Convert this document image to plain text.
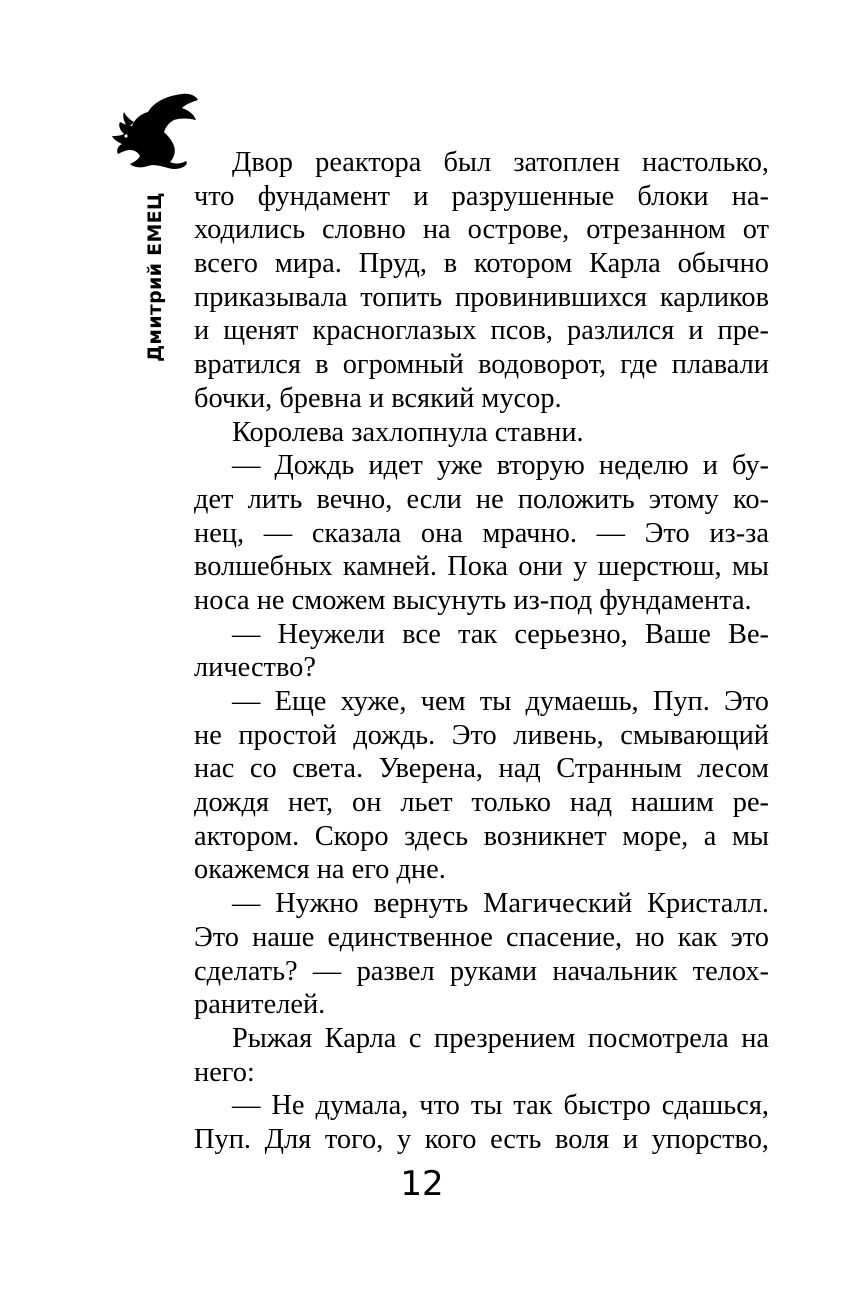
Дмитрий ЕМЕЦ
Двор реактора был затоплен настолько,
что фундамент и разрушенные блоки на-
ходились словно на острове, отрезанном от
всего мира. Пруд, в котором Карла обычно
приказывала топить провинившихся карликов
и щенят красноглазых псов, разлился и пре-
вратился в огромный водоворот, где плавали
бочки, бревна и всякий мусор.
Королева захлопнула ставни.
— Дождь идет уже вторую неделю и бу-
дет лить вечно, если не положить этому ко-
нец, — сказала она мрачно. — Это из-за
волшебных камней. Пока они у шерстюш, мы
носа не сможем высунуть из-под фундамента.
— Неужели все так серьезно, Ваше Ве-
личество?
— Еще хуже, чем ты думаешь, Пуп. Это
не простой дождь. Это ливень, смывающий
нас со света. Уверена, над Странным лесом
дождя нет, он льет только над нашим ре-
актором. Скоро здесь возникнет море, а мы
окажемся на его дне.
— Нужно вернуть Магический Кристалл.
Это наше единственное спасение, но как это
сделать? — развел руками начальник телох-
ранителей.
Рыжая Карла с презрением посмотрела на
него:
— Не думала, что ты так быстро сдашься,
Пуп. Для того, у кого есть воля и упорство,
12
